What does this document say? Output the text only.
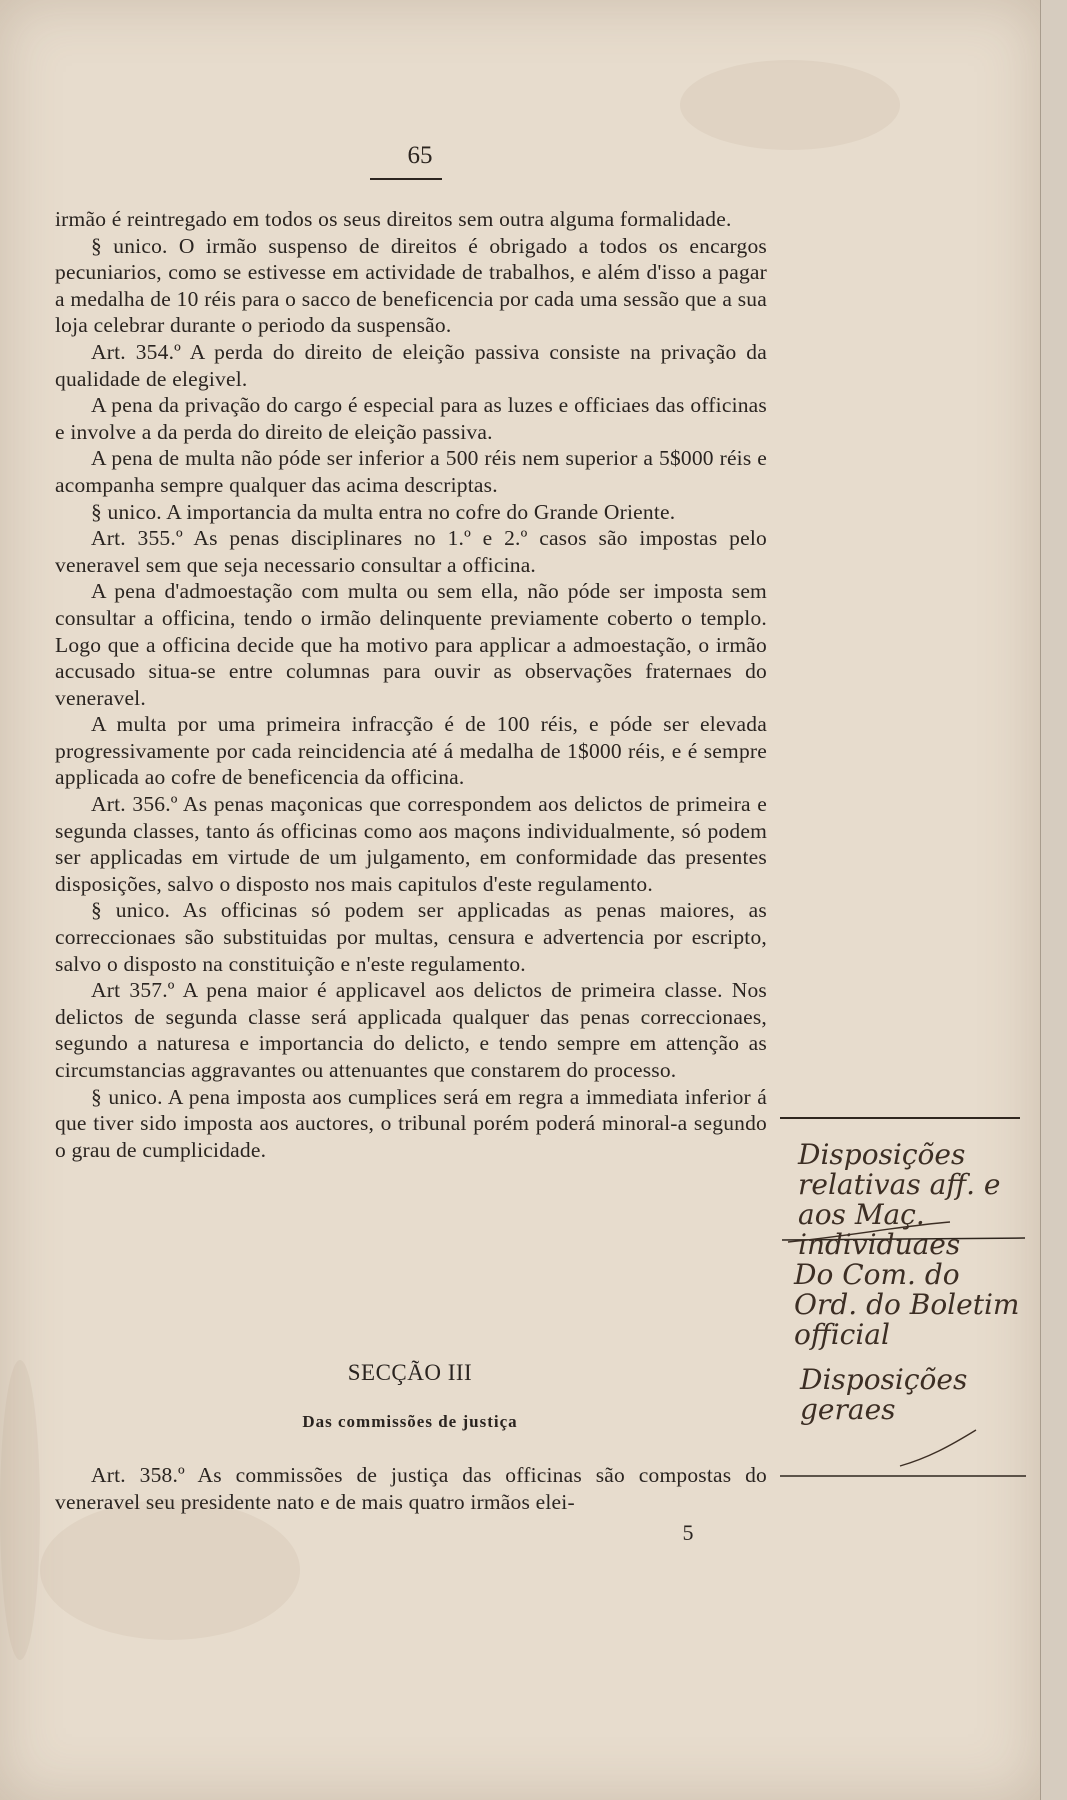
65

irmão é reintregado em todos os seus direitos sem outra alguma formalidade.

§ unico. O irmão suspenso de direitos é obrigado a todos os encargos pecuniarios, como se estivesse em actividade de trabalhos, e além d'isso a pagar a medalha de 10 réis para o sacco de beneficencia por cada uma sessão que a sua loja celebrar durante o periodo da suspensão.

Art. 354.º A perda do direito de eleição passiva consiste na privação da qualidade de elegivel.

A pena da privação do cargo é especial para as luzes e officiaes das officinas e involve a da perda do direito de eleição passiva.

A pena de multa não póde ser inferior a 500 réis nem superior a 5$000 réis e acompanha sempre qualquer das acima descriptas.

§ unico. A importancia da multa entra no cofre do Grande Oriente.

Art. 355.º As penas disciplinares no 1.º e 2.º casos são impostas pelo veneravel sem que seja necessario consultar a officina.

A pena d'admoestação com multa ou sem ella, não póde ser imposta sem consultar a officina, tendo o irmão delinquente previamente coberto o templo. Logo que a officina decide que ha motivo para applicar a admoestação, o irmão accusado situa-se entre columnas para ouvir as observações fraternaes do veneravel.

A multa por uma primeira infracção é de 100 réis, e póde ser elevada progressivamente por cada reincidencia até á medalha de 1$000 réis, e é sempre applicada ao cofre de beneficencia da officina.

Art. 356.º As penas maçonicas que correspondem aos delictos de primeira e segunda classes, tanto ás officinas como aos maçons individualmente, só podem ser applicadas em virtude de um julgamento, em conformidade das presentes disposições, salvo o disposto nos mais capitulos d'este regulamento.

§ unico. As officinas só podem ser applicadas as penas maiores, as correccionaes são substituidas por multas, censura e advertencia por escripto, salvo o disposto na constituição e n'este regulamento.

Art 357.º A pena maior é applicavel aos delictos de primeira classe. Nos delictos de segunda classe será applicada qualquer das penas correccionaes, segundo a naturesa e importancia do delicto, e tendo sempre em attenção as circumstancias aggravantes ou attenuantes que constarem do processo.

§ unico. A pena imposta aos cumplices será em regra a immediata inferior á que tiver sido imposta aos auctores, o tribunal porém poderá minoral-a segundo o grau de cumplicidade.

SECÇÃO III
Das commissões de justiça

Art. 358.º As commissões de justiça das officinas são compostas do veneravel seu presidente nato e de mais quatro irmãos elei-

5
Disposições relativas aff. e aos Maç. individuaes
Do Com. do Ord. do Boletim official
Disposições geraes
